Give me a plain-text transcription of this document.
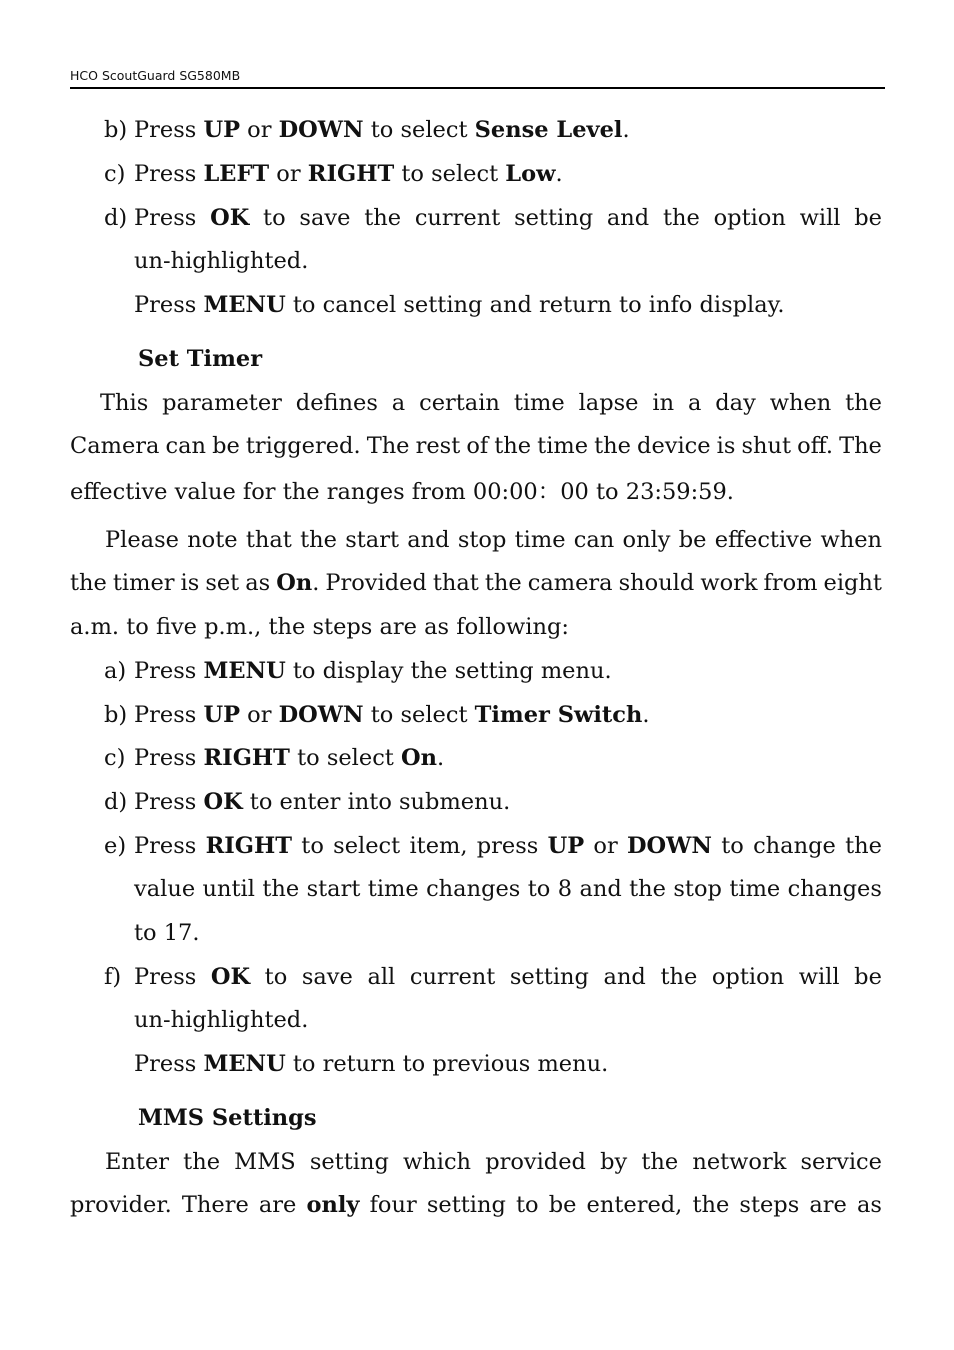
HCO ScoutGuard SG580MB
b) Press UP or DOWN to select Sense Level.
c) Press LEFT or RIGHT to select Low.
d) Press OK to save the current setting and the option will be
un-highlighted.
Press MENU to cancel setting and return to info display.
Set Timer
This parameter defines a certain time lapse in a day when the
Camera can be triggered. The rest of the time the device is shut off. The
effective value for the ranges from 00:00：00 to 23:59:59.
Please note that the start and stop time can only be effective when
the timer is set as On. Provided that the camera should work from eight
a.m. to five p.m., the steps are as following:
a) Press MENU to display the setting menu.
b) Press UP or DOWN to select Timer Switch.
c) Press RIGHT to select On.
d) Press OK to enter into submenu.
e) Press RIGHT to select item, press UP or DOWN to change the
value until the start time changes to 8 and the stop time changes
to 17.
f) Press OK to save all current setting and the option will be
un-highlighted.
Press MENU to return to previous menu.
MMS Settings
Enter the MMS setting which provided by the network service
provider. There are only four setting to be entered, the steps are as
